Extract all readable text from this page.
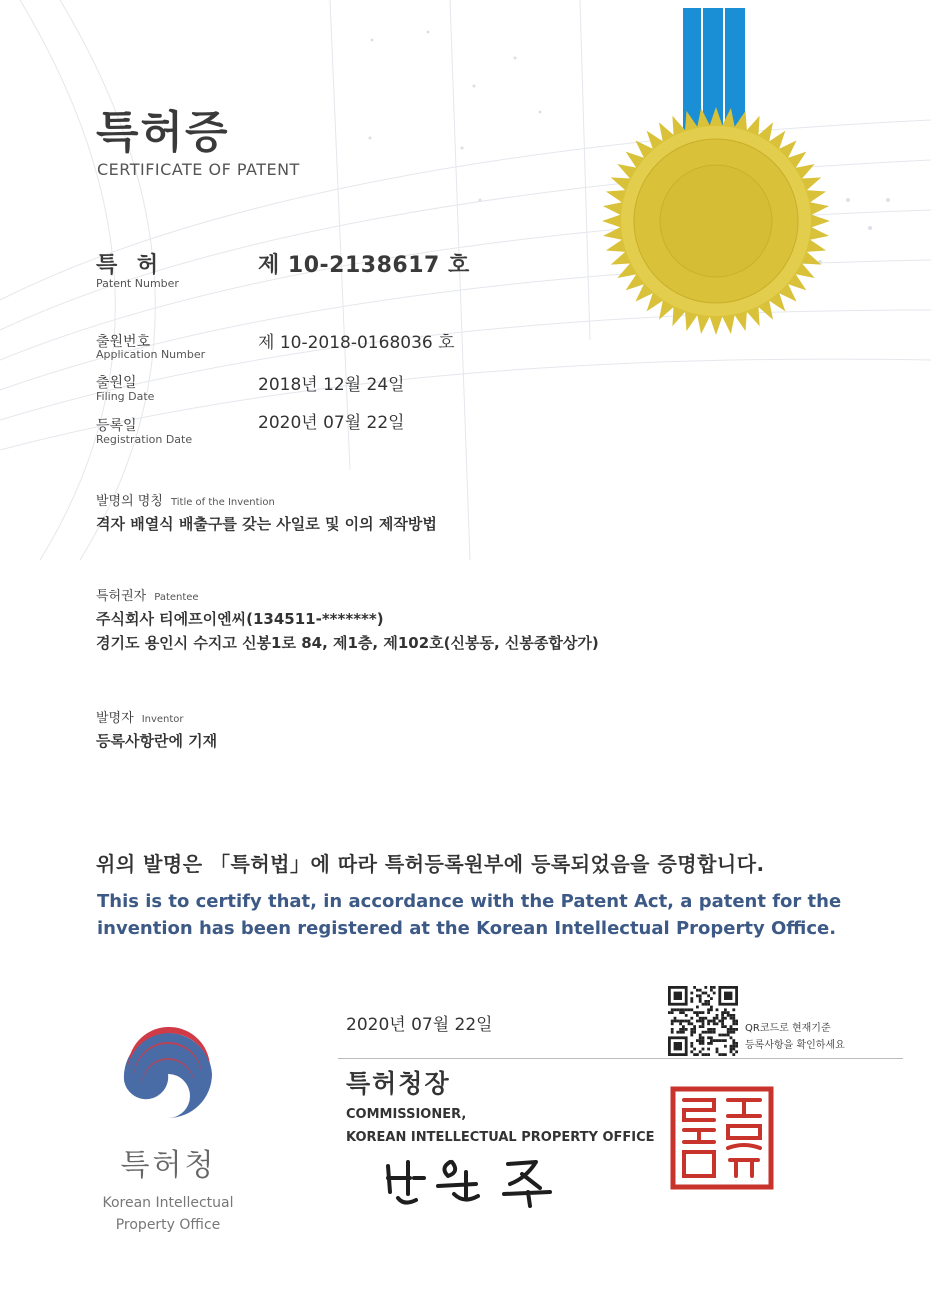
특허증
CERTIFICATE OF PATENT
특 허
Patent Number
제 10-2138617 호
출원번호
Application Number
제 10-2018-0168036 호
출원일
Filing Date
2018년 12월 24일
등록일
Registration Date
2020년 07월 22일
발명의 명칭 Title of the Invention
격자 배열식 배출구를 갖는 사일로 및 이의 제작방법
특허권자 Patentee
주식회사 티에프이엔씨(134511-*******)
경기도 용인시 수지고 신봉1로 84, 제1층, 제102호(신봉동, 신봉종합상가)
발명자 Inventor
등록사항란에 기재
위의 발명은 「특허법」에 따라 특허등록원부에 등록되었음을 증명합니다.
This is to certify that, in accordance with the Patent Act, a patent for the invention has been registered at the Korean Intellectual Property Office.
2020년 07월 22일	QR코드로 현재기준
등록사항을 확인하세요
특허청장
COMMISSIONER,
KOREAN INTELLECTUAL PROPERTY OFFICE
특허청
Korean Intellectual
Property Office
